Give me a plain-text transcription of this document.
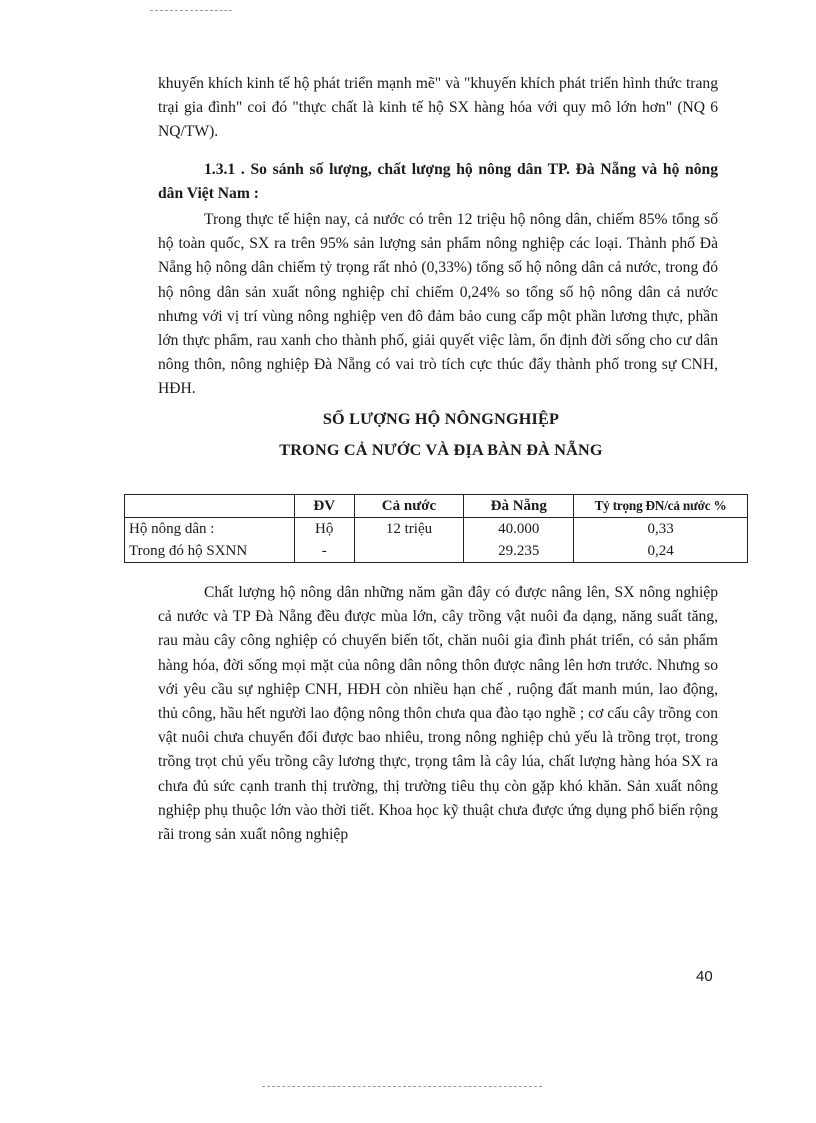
khuyến khích kinh tế hộ phát triển mạnh mẽ" và "khuyến khích phát triển hình thức trang trại gia đình" coi đó "thực chất là kinh tế hộ SX hàng hóa với quy mô lớn hơn" (NQ 6 NQ/TW).

1.3.1 . So sánh số lượng, chất lượng hộ nông dân TP. Đà Nẵng và hộ nông dân Việt Nam :

Trong thực tế hiện nay, cả nước có trên 12 triệu hộ nông dân, chiếm 85% tổng số hộ toàn quốc, SX ra trên 95% sản lượng sản phẩm nông nghiệp các loại. Thành phố Đà Nẵng hộ nông dân chiếm tỷ trọng rất nhỏ (0,33%) tổng số hộ nông dân cả nước, trong đó hộ nông dân sản xuất nông nghiệp chỉ chiếm 0,24% so tổng số hộ nông dân cả nước nhưng với vị trí vùng nông nghiệp ven đô đảm bảo cung cấp một phần lương thực, phần lớn thực phẩm, rau xanh cho thành phố, giải quyết việc làm, ổn định đời sống cho cư dân nông thôn, nông nghiệp Đà Nẵng có vai trò tích cực thúc đẩy thành phố trong sự CNH, HĐH.

SỐ LƯỢNG HỘ NÔNGNGHIỆP
TRONG CẢ NƯỚC VÀ ĐỊA BÀN ĐÀ NẴNG
	ĐV	Cả nước	Đà Nẵng	Tỷ trọng ĐN/cả nước %
Hộ nông dân :	Hộ	12 triệu	40.000	0,33
Trong đó hộ SXNN	-		29.235	0,24

Chất lượng hộ nông dân những năm gần đây có được nâng lên, SX nông nghiệp cả nước và TP Đà Nẵng đều được mùa lớn, cây trồng vật nuôi đa dạng, năng suất tăng, rau màu cây công nghiệp có chuyển biến tốt, chăn nuôi gia đình phát triển, có sản phẩm hàng hóa, đời sống mọi mặt của nông dân nông thôn được nâng lên hơn trước. Nhưng so với yêu cầu sự nghiệp CNH, HĐH còn nhiều hạn chế , ruộng đất manh mún, lao động, thủ công, hầu hết người lao động nông thôn chưa qua đào tạo nghề ; cơ cấu cây trồng con vật nuôi chưa chuyển đổi được bao nhiêu, trong nông nghiệp chủ yếu là trồng trọt, trong trồng trọt chủ yếu trồng cây lương thực, trọng tâm là cây lúa, chất lượng hàng hóa SX ra chưa đủ sức cạnh tranh thị trường, thị trường tiêu thụ còn gặp khó khăn. Sản xuất nông nghiệp phụ thuộc lớn vào thời tiết. Khoa học kỹ thuật chưa được ứng dụng phổ biến rộng rãi trong sản xuất nông nghiệp

40
